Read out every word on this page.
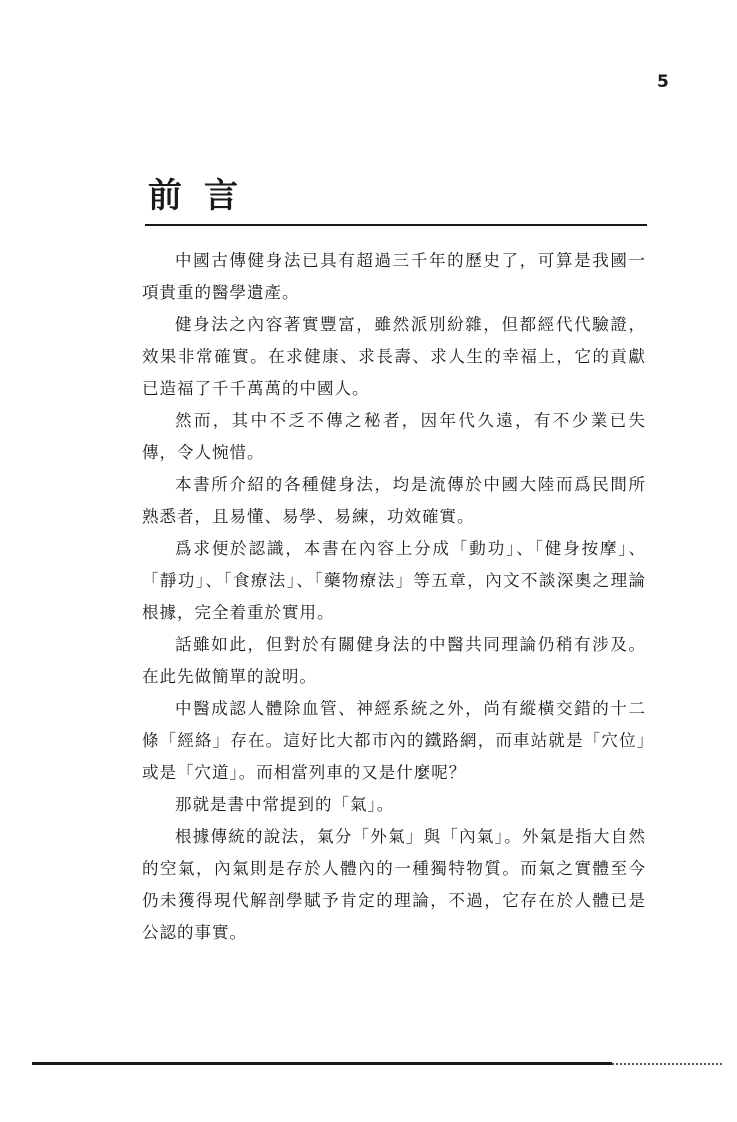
5
前言

中國古傳健身法已具有超過三千年的歷史了，可算是我國一項貴重的醫學遺產。

健身法之內容著實豐富，雖然派別紛雜，但都經代代驗證，效果非常確實。在求健康、求長壽、求人生的幸福上，它的貢獻已造福了千千萬萬的中國人。

然而，其中不乏不傳之秘者，因年代久遠，有不少業已失傳，令人惋惜。

本書所介紹的各種健身法，均是流傳於中國大陸而爲民間所熟悉者，且易懂、易學、易練，功效確實。

爲求便於認識，本書在內容上分成「動功」、「健身按摩」、「靜功」、「食療法」、「藥物療法」等五章，內文不談深奧之理論根據，完全着重於實用。

話雖如此，但對於有關健身法的中醫共同理論仍稍有涉及。在此先做簡單的說明。

中醫成認人體除血管、神經系統之外，尚有縱橫交錯的十二條「經絡」存在。這好比大都市內的鐵路網，而車站就是「穴位」或是「穴道」。而相當列車的又是什麼呢？

那就是書中常提到的「氣」。

根據傳統的說法，氣分「外氣」與「內氣」。外氣是指大自然的空氣，內氣則是存於人體內的一種獨特物質。而氣之實體至今仍未獲得現代解剖學賦予肯定的理論，不過，它存在於人體已是公認的事實。
